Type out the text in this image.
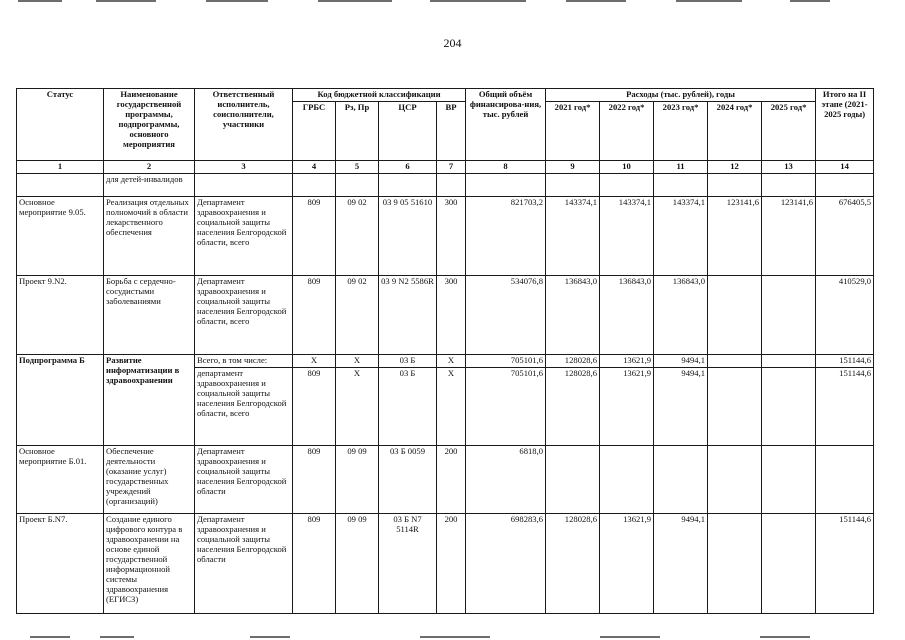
204
Статус	Наименование государственной программы, подпрограммы, основного мероприятия	Ответственный исполнитель, соисполнители, участники	Код бюджетной классификации				Общий объём финансирова-ния, тыс. рублей	Расходы (тыс. рублей), годы					Итого на II этапе (2021-2025 годы)
			ГРБС	Рз, Пр	ЦСР	ВР		2021 год*	2022 год*	2023 год*	2024 год*	2025 год*	
1	2	3	4	5	6	7	8	9	10	11	12	13	14
	для детей-инвалидов												
Основное мероприятие 9.05.	Реализация отдельных полномочий в области лекарственного обеспечения	Департамент здравоохранения и социальной защиты населения Белгородской области, всего	809	09 02	03 9 05 51610	300	821703,2	143374,1	143374,1	143374,1	123141,6	123141,6	676405,5
Проект 9.N2.	Борьба с сердечно-сосудистыми заболеваниями	Департамент здравоохранения и социальной защиты населения Белгородской области, всего	809	09 02	03 9 N2 5586R	300	534076,8	136843,0	136843,0	136843,0			410529,0
Подпрограмма Б	Развитие информатизации в здравоохранении	Всего, в том числе:	Х	Х	03 Б	Х	705101,6	128028,6	13621,9	9494,1			151144,6
		департамент здравоохранения и социальной защиты населения Белгородской области, всего	809	Х	03 Б	Х	705101,6	128028,6	13621,9	9494,1			151144,6
Основное мероприятие Б.01.	Обеспечение деятельности (оказание услуг) государственных учреждений (организаций)	Департамент здравоохранения и социальной защиты населения Белгородской области	809	09 09	03 Б 0059	200	6818,0						
Проект Б.N7.	Создание единого цифрового контура в здравоохранении на основе единой государственной информационной системы здравоохранения (ЕГИСЗ)	Департамент здравоохранения и социальной защиты населения Белгородской области	809	09 09	03 Б N7 5114R	200	698283,6	128028,6	13621,9	9494,1			151144,6
